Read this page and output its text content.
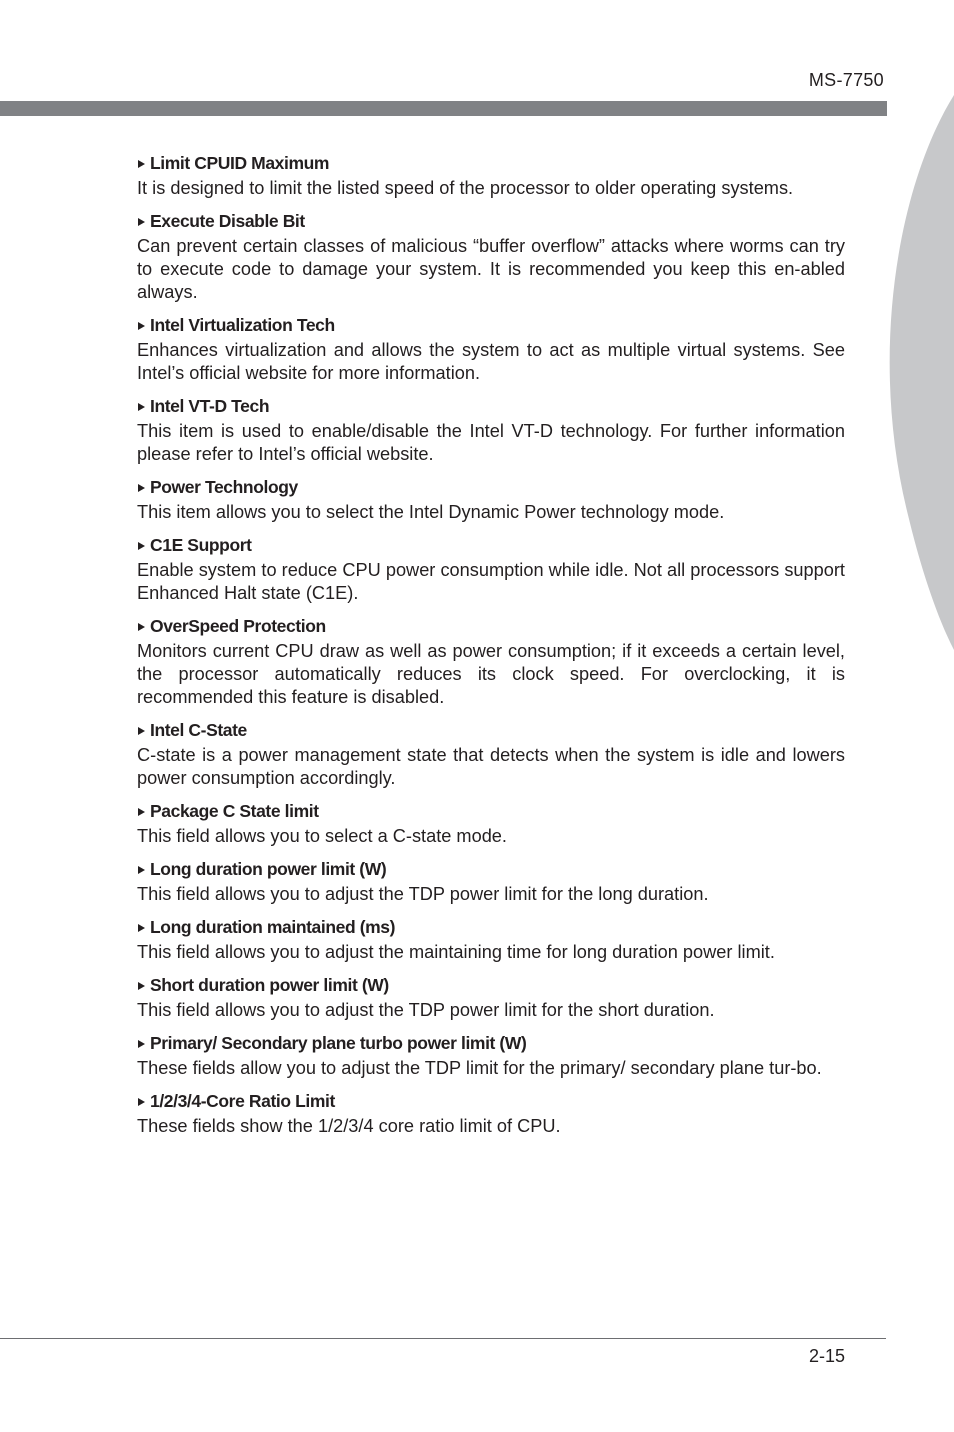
MS-7750
Chapter 2
Limit CPUID Maximum
It is designed to limit the listed speed of the processor to older operating systems.
Execute Disable Bit
Can prevent certain classes of malicious “buffer overflow” attacks where worms can try to execute code to damage your system. It is recommended you keep this en-abled always.
Intel Virtualization Tech
Enhances virtualization and allows the system to act as multiple virtual systems. See Intel’s official website for more information.
Intel VT-D Tech
This item is used to enable/disable the Intel VT-D technology. For further information please refer to Intel’s official website.
Power Technology
This item allows you to select the Intel Dynamic Power technology mode.
C1E Support
Enable system to reduce CPU power consumption while idle. Not all processors support Enhanced Halt state (C1E).
OverSpeed Protection
Monitors current CPU draw as well as power consumption; if it exceeds a certain level, the processor automatically reduces its clock speed. For overclocking, it is recommended this feature is disabled.
Intel C-State
C-state is a power management state that detects when the system is idle and lowers power consumption accordingly.
Package C State limit
This field allows you to select a C-state mode.
Long duration power limit (W)
This field allows you to adjust the TDP power limit for the long duration.
Long duration maintained (ms)
This field allows you to adjust the maintaining time for long duration power limit.
Short duration power limit (W)
This field allows you to adjust the TDP power limit for the short duration.
Primary/ Secondary plane turbo power limit (W)
These fields allow you to adjust the TDP limit for the primary/ secondary plane tur-bo.
1/2/3/4-Core Ratio Limit
These fields show the 1/2/3/4 core ratio limit of CPU.
2-15
